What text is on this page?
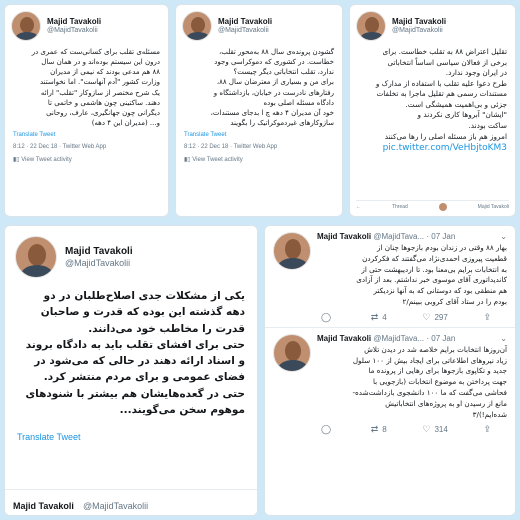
Majid Tavakoli
@MajidTavakolii
مسئله‌ی تقلب برای کسانی‌ست که عمری در
درون این سیستم بوده‌اند و در همان سال
۸۸ هم مدعی بودند که نیمی از مدیران
وزارت کشور "آدم آنهاست". اما نخواستند
یک شرح مختصر از سازوکار "تقلب" ارائه
دهند. ساکتینی چون هاشمی و خاتمی تا
دیگرانی چون جهانگیری، عارف، روحانی
و... (مدیران این ۴ دهه)
Translate Tweet
8:12 · 22 Dec 18 · Twitter Web App
▮▯ View Tweet activity
Majid Tavakoli
@MajidTavakolii
گشودن پرونده‌ی سال ۸۸ به‌محور تقلب،
خطاست. در کشوری که دموکراسی وجود
ندارد، تقلب انتخاباتی دیگر چیست؟
برای من و بسیاری از معترضان سال ۸۸،
رفتارهای نادرست در خیابان، بازداشتگاه و
دادگاه مسئله اصلی بوده
خود آن مدیران ۴ دهه چ ا بدجای مستندات،
سازوکارهای غیردموکراتیک را بگویند
Translate Tweet
8:12 · 22 Dec 18 · Twitter Web App
▮▯ View Tweet activity
Majid Tavakoli
@MajidTavakolii
تقلیل اعتراض ۸۸ به تقلب خطاست. برای
برخی از فعالان سیاسی اساساً انتخاباتی
در ایران وجود ندارد.
طرح دعوا علیه تقلب با استفاده از مدارک و
مستندات رسمی هم تقلیل ماجرا به تخلفات
جزئی و بی‌اهمیت همیشگی است.
"ایشان" آبروها کاری نکردند و
ساکت بودند.
امروز هم باز مسئله اصلی را رها می‌کنند
pic.twitter.com/VeHbjtoKM3
←	Thread	Majid Tavakoli
Majid Tavakoli
@MajidTavakolii
یکی از مشکلات جدی اصلاح‌طلبان در دو
دهه گذشته این بوده که قدرت و صاحبان
قدرت را مخاطب خود می‌دانند.
حتی برای افشای تقلب باید به دادگاه بروند
و اسناد ارائه دهند در حالی که می‌شود در
فضای عمومی و برای مردم منتشر کرد.
حتی در گعده‌هایشان هم بیشتر با شنودهای
موهوم سخن می‌گویند...
Translate Tweet
Majid Tavakoli @MajidTavakolii
Majid Tavakoli @MajidTava... · 07 Jan	⌄
بهار ۸۸ وقتی در زندان بودم بازجوها چنان از
قطعیت پیروزی احمدی‌نژاد می‌گفتند که فکرکردن
به انتخابات برایم بی‌معنا بود. تا اردیبهشت حتی از
کاندیداتوری آقای موسوی خبر نداشتم. بعد از آزادی
هم منطقی بود که دوستانی که به آنها نزدیکتر
بودم را در ستاد آقای کروبی ببینم/۲
◯	⇄ 4	♡ 297	⇪
Majid Tavakoli @MajidTava... · 07 Jan	⌄
آن‌روزها انتخابات برایم خلاصه شد در دیدن تلاش
زیاد نیروهای اطلاعاتی برای ایجاد بیش از ۱۰۰ سلول
جدید و تکاپوی بازجوها برای رهایی از پرونده ما
جهت پرداختن به موضوع انتخابات (بازجویی با
فحاشی می‌گفت که ما ۱۰۰ دانشجوی بازداشت‌شده-
مانع از رسیدن او به پروژه‌های انتخاباتیش
شده‌ایم!)/۳
◯	⇄ 8	♡ 314	⇪
